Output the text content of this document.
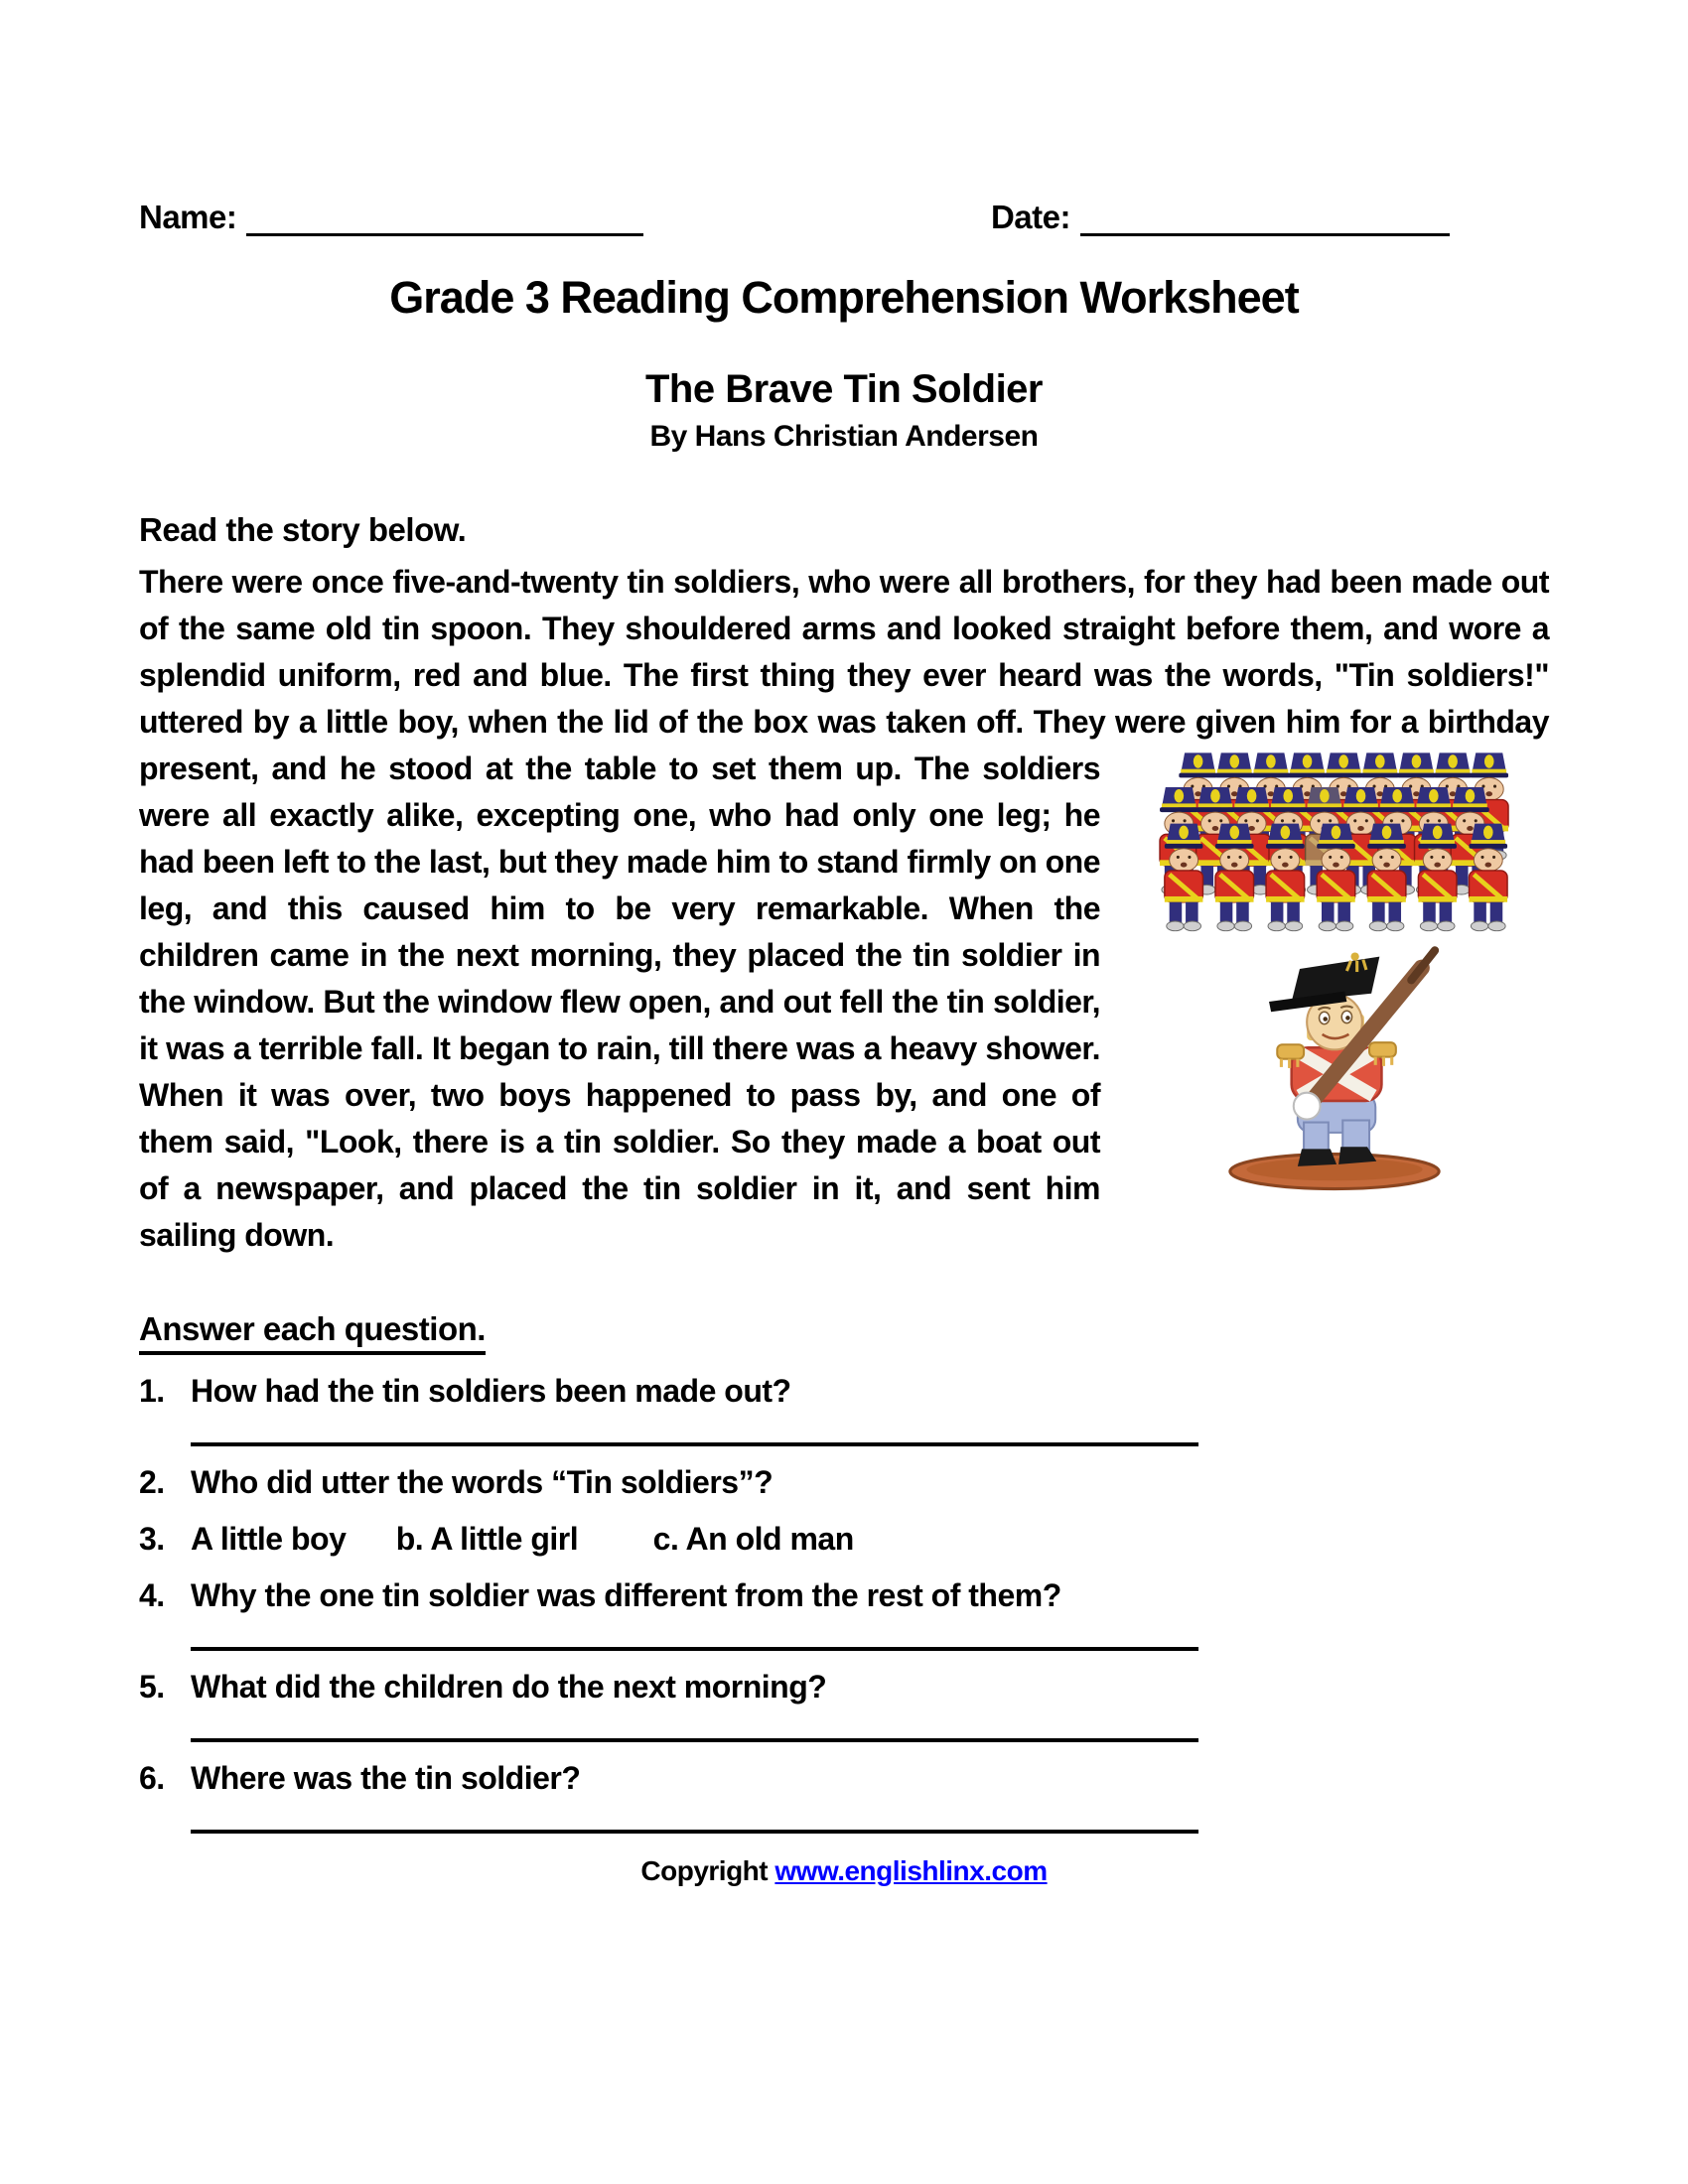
Name:	Date:
Grade 3 Reading Comprehension Worksheet
The Brave Tin Soldier
By Hans Christian Andersen
Read the story below.

There were once five-and-twenty tin soldiers, who were all brothers, for they had been made out of the same old tin spoon. They shouldered arms and looked straight before them, and wore a splendid uniform, red and blue. The first thing they ever heard was the words, "Tin soldiers!" uttered by a little boy, when the lid of the box was taken off. They were given him for a birthday
present, and he stood at the table to set them up. The soldiers were all exactly alike, excepting one, who had only one leg; he had been left to the last, but they made him to stand firmly on one leg, and this caused him to be very remarkable. When the children came in the next morning, they placed the tin soldier in the window. But the window flew open, and out fell the tin soldier, it was a terrible fall. It began to rain, till there was a heavy shower. When it was over, two boys happened to pass by, and one of them said, "Look, there is a tin soldier. So they made a boat out of a newspaper, and placed the tin soldier in it, and sent him sailing down.

Answer each question.
1. How had the tin soldiers been made out?
2. Who did utter the words “Tin soldiers”?
3. A little boy      b. A little girl         c. An old man
4. Why the one tin soldier was different from the rest of them?
5. What did the children do the next morning?
6. Where was the tin soldier?
Copyright www.englishlinx.com
